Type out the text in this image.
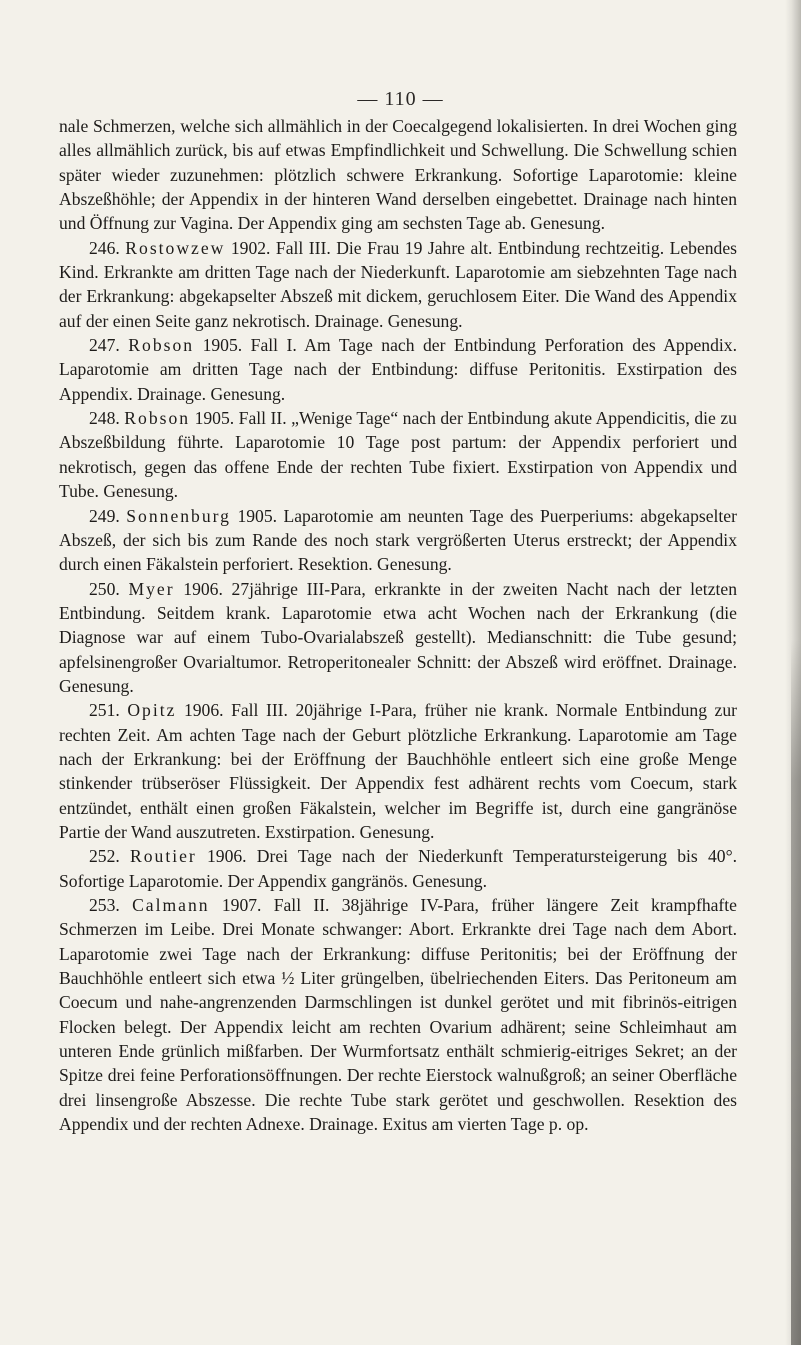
— 110 —

nale Schmerzen, welche sich allmählich in der Coecalgegend lokalisierten. In drei Wochen ging alles allmählich zurück, bis auf etwas Empfindlichkeit und Schwellung. Die Schwellung schien später wieder zuzunehmen: plötzlich schwere Erkrankung. Sofortige Laparotomie: kleine Abszeßhöhle; der Appendix in der hinteren Wand derselben eingebettet. Drainage nach hinten und Öffnung zur Vagina. Der Appendix ging am sechsten Tage ab. Genesung.

246. Rostowzew 1902. Fall III. Die Frau 19 Jahre alt. Entbindung rechtzeitig. Lebendes Kind. Erkrankte am dritten Tage nach der Niederkunft. Laparotomie am siebzehnten Tage nach der Erkrankung: abgekapselter Abszeß mit dickem, geruchlosem Eiter. Die Wand des Appendix auf der einen Seite ganz nekrotisch. Drainage. Genesung.

247. Robson 1905. Fall I. Am Tage nach der Entbindung Perforation des Appendix. Laparotomie am dritten Tage nach der Entbindung: diffuse Peritonitis. Exstirpation des Appendix. Drainage. Genesung.

248. Robson 1905. Fall II. „Wenige Tage“ nach der Entbindung akute Appendicitis, die zu Abszeßbildung führte. Laparotomie 10 Tage post partum: der Appendix perforiert und nekrotisch, gegen das offene Ende der rechten Tube fixiert. Exstirpation von Appendix und Tube. Genesung.

249. Sonnenburg 1905. Laparotomie am neunten Tage des Puerperiums: abgekapselter Abszeß, der sich bis zum Rande des noch stark vergrößerten Uterus erstreckt; der Appendix durch einen Fäkalstein perforiert. Resektion. Genesung.

250. Myer 1906. 27jährige III-Para, erkrankte in der zweiten Nacht nach der letzten Entbindung. Seitdem krank. Laparotomie etwa acht Wochen nach der Erkrankung (die Diagnose war auf einem Tubo-Ovarialabszeß gestellt). Medianschnitt: die Tube gesund; apfelsinengroßer Ovarialtumor. Retroperitonealer Schnitt: der Abszeß wird eröffnet. Drainage. Genesung.

251. Opitz 1906. Fall III. 20jährige I-Para, früher nie krank. Normale Entbindung zur rechten Zeit. Am achten Tage nach der Geburt plötzliche Erkrankung. Laparotomie am Tage nach der Erkrankung: bei der Eröffnung der Bauchhöhle entleert sich eine große Menge stinkender trübseröser Flüssigkeit. Der Appendix fest adhärent rechts vom Coecum, stark entzündet, enthält einen großen Fäkalstein, welcher im Begriffe ist, durch eine gangränöse Partie der Wand auszutreten. Exstirpation. Genesung.

252. Routier 1906. Drei Tage nach der Niederkunft Temperatursteigerung bis 40°. Sofortige Laparotomie. Der Appendix gangränös. Genesung.

253. Calmann 1907. Fall II. 38jährige IV-Para, früher längere Zeit krampfhafte Schmerzen im Leibe. Drei Monate schwanger: Abort. Erkrankte drei Tage nach dem Abort. Laparotomie zwei Tage nach der Erkrankung: diffuse Peritonitis; bei der Eröffnung der Bauchhöhle entleert sich etwa ½ Liter grüngelben, übelriechenden Eiters. Das Peritoneum am Coecum und nahe-angrenzenden Darmschlingen ist dunkel gerötet und mit fibrinös-eitrigen Flocken belegt. Der Appendix leicht am rechten Ovarium adhärent; seine Schleimhaut am unteren Ende grünlich mißfarben. Der Wurmfortsatz enthält schmierig-eitriges Sekret; an der Spitze drei feine Perforationsöffnungen. Der rechte Eierstock walnußgroß; an seiner Oberfläche drei linsengroße Abszesse. Die rechte Tube stark gerötet und geschwollen. Resektion des Appendix und der rechten Adnexe. Drainage. Exitus am vierten Tage p. op.
